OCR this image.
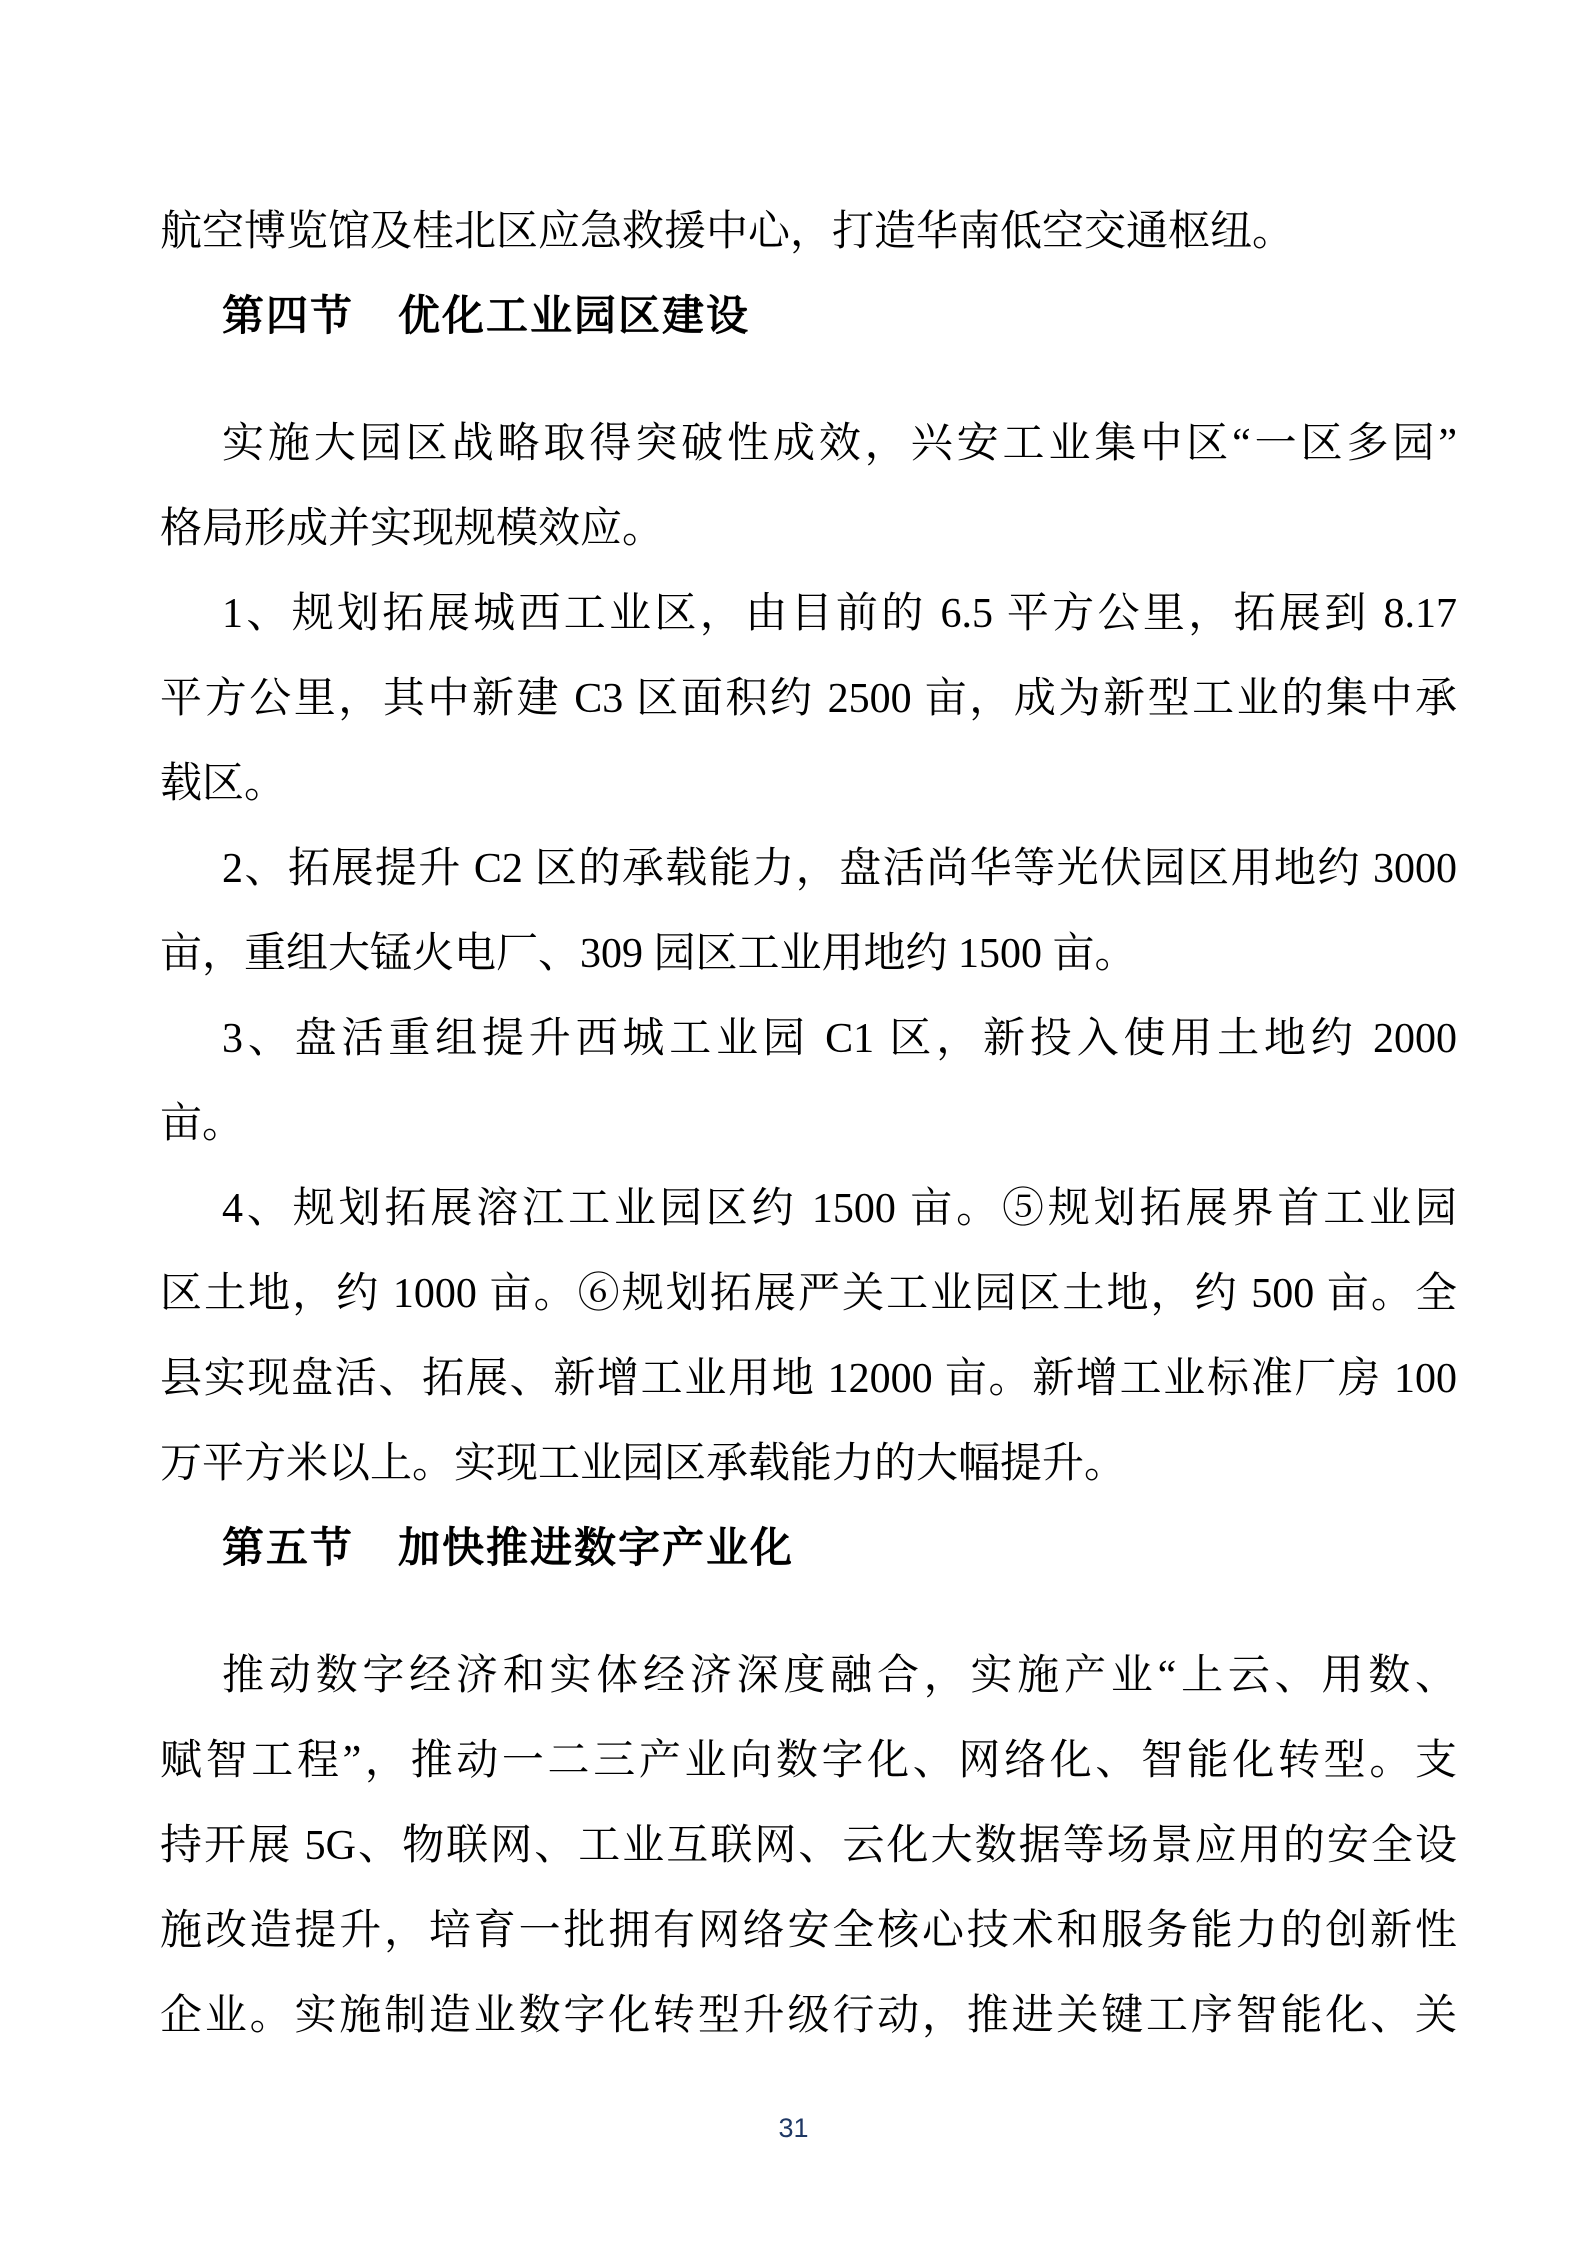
航空博览馆及桂北区应急救援中心，打造华南低空交通枢纽。
第四节　优化工业园区建设
实施大园区战略取得突破性成效，兴安工业集中区“一区多园”
格局形成并实现规模效应。
1、规划拓展城西工业区，由目前的 6.5 平方公里，拓展到 8.17
平方公里，其中新建 C3 区面积约 2500 亩，成为新型工业的集中承
载区。
2、拓展提升 C2 区的承载能力，盘活尚华等光伏园区用地约 3000
亩，重组大锰火电厂、309 园区工业用地约 1500 亩。
3、盘活重组提升西城工业园 C1 区，新投入使用土地约 2000
亩。
4、规划拓展溶江工业园区约 1500 亩。⑤规划拓展界首工业园
区土地，约 1000 亩。⑥规划拓展严关工业园区土地，约 500 亩。全
县实现盘活、拓展、新增工业用地 12000 亩。新增工业标准厂房 100
万平方米以上。实现工业园区承载能力的大幅提升。
第五节　加快推进数字产业化
推动数字经济和实体经济深度融合，实施产业“上云、用数、
赋智工程”，推动一二三产业向数字化、网络化、智能化转型。支
持开展 5G、物联网、工业互联网、云化大数据等场景应用的安全设
施改造提升，培育一批拥有网络安全核心技术和服务能力的创新性
企业。实施制造业数字化转型升级行动，推进关键工序智能化、关
31
